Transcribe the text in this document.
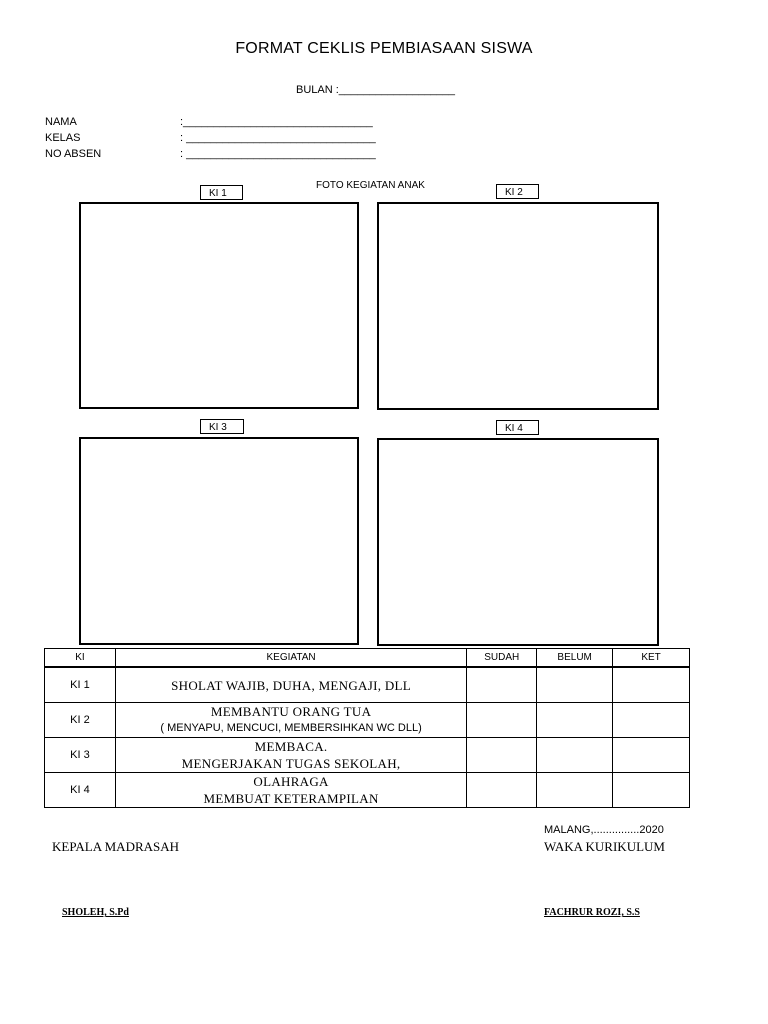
FORMAT CEKLIS PEMBIASAAN SISWA
BULAN :___________________
NAMA	:_______________________________
KELAS	: _______________________________
NO ABSEN	: _______________________________
FOTO KEGIATAN ANAK
KI 1	KI 2
KI 3	KI 4
KI	KEGIATAN	SUDAH	BELUM	KET
KI 1	SHOLAT WAJIB, DUHA, MENGAJI, DLL			
KI 2	MEMBANTU ORANG TUA
( MENYAPU, MENCUCI, MEMBERSIHKAN WC DLL)			

KI 3	MEMBACA.
MENGERJAKAN TUGAS SEKOLAH,			

KI 4	OLAHRAGA
MEMBUAT KETERAMPILAN			

MALANG,...............2020
KEPALA MADRASAH	WAKA KURIKULUM
SHOLEH, S.Pd	FACHRUR ROZI, S.S
